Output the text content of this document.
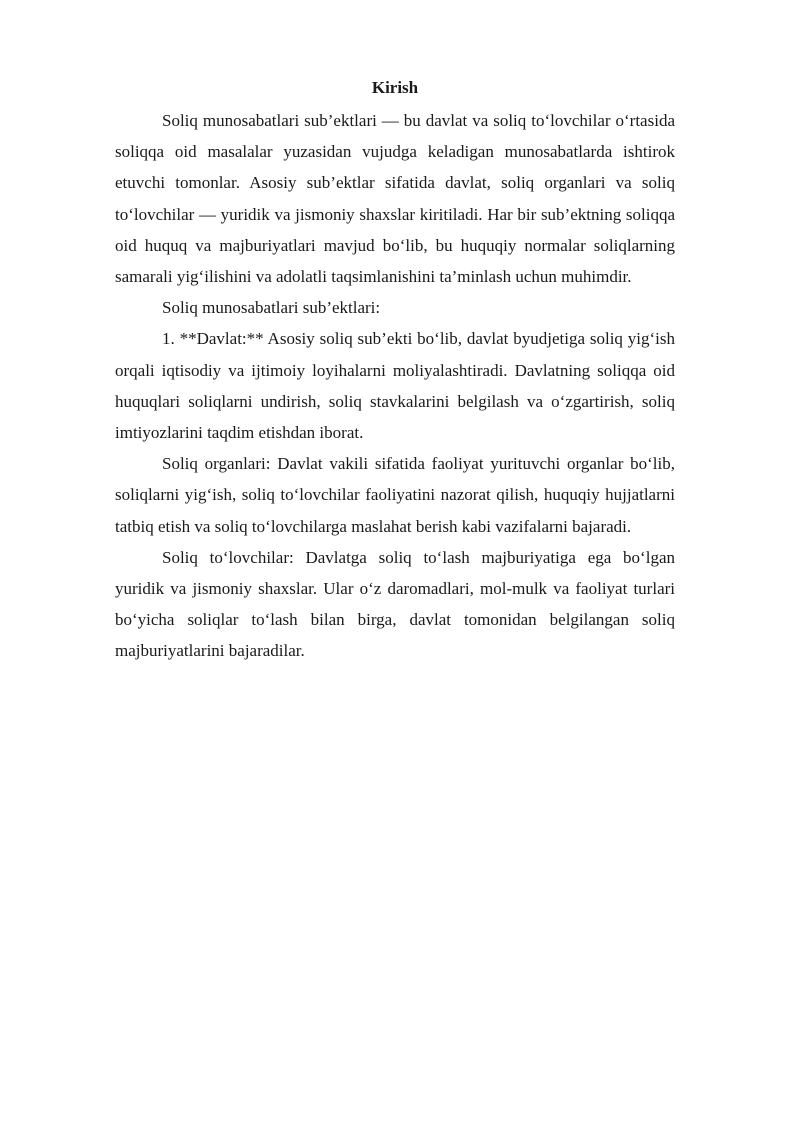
Kirish

Soliq munosabatlari sub’ektlari — bu davlat va soliq to‘lovchilar o‘rtasida soliqqa oid masalalar yuzasidan vujudga keladigan munosabatlarda ishtirok etuvchi tomonlar. Asosiy sub’ektlar sifatida davlat, soliq organlari va soliq to‘lovchilar — yuridik va jismoniy shaxslar kiritiladi. Har bir sub’ektning soliqqa oid huquq va majburiyatlari mavjud bo‘lib, bu huquqiy normalar soliqlarning samarali yig‘ilishini va adolatli taqsimlanishini ta’minlash uchun muhimdir.

Soliq munosabatlari sub’ektlari:

1. **Davlat:** Asosiy soliq sub’ekti bo‘lib, davlat byudjetiga soliq yig‘ish orqali iqtisodiy va ijtimoiy loyihalarni moliyalashtiradi. Davlatning soliqqa oid huquqlari soliqlarni undirish, soliq stavkalarini belgilash va o‘zgartirish, soliq imtiyozlarini taqdim etishdan iborat.

Soliq organlari: Davlat vakili sifatida faoliyat yurituvchi organlar bo‘lib, soliqlarni yig‘ish, soliq to‘lovchilar faoliyatini nazorat qilish, huquqiy hujjatlarni tatbiq etish va soliq to‘lovchilarga maslahat berish kabi vazifalarni bajaradi.

Soliq to‘lovchilar: Davlatga soliq to‘lash majburiyatiga ega bo‘lgan yuridik va jismoniy shaxslar. Ular o‘z daromadlari, mol-mulk va faoliyat turlari bo‘yicha soliqlar to‘lash bilan birga, davlat tomonidan belgilangan soliq majburiyatlarini bajaradilar.
